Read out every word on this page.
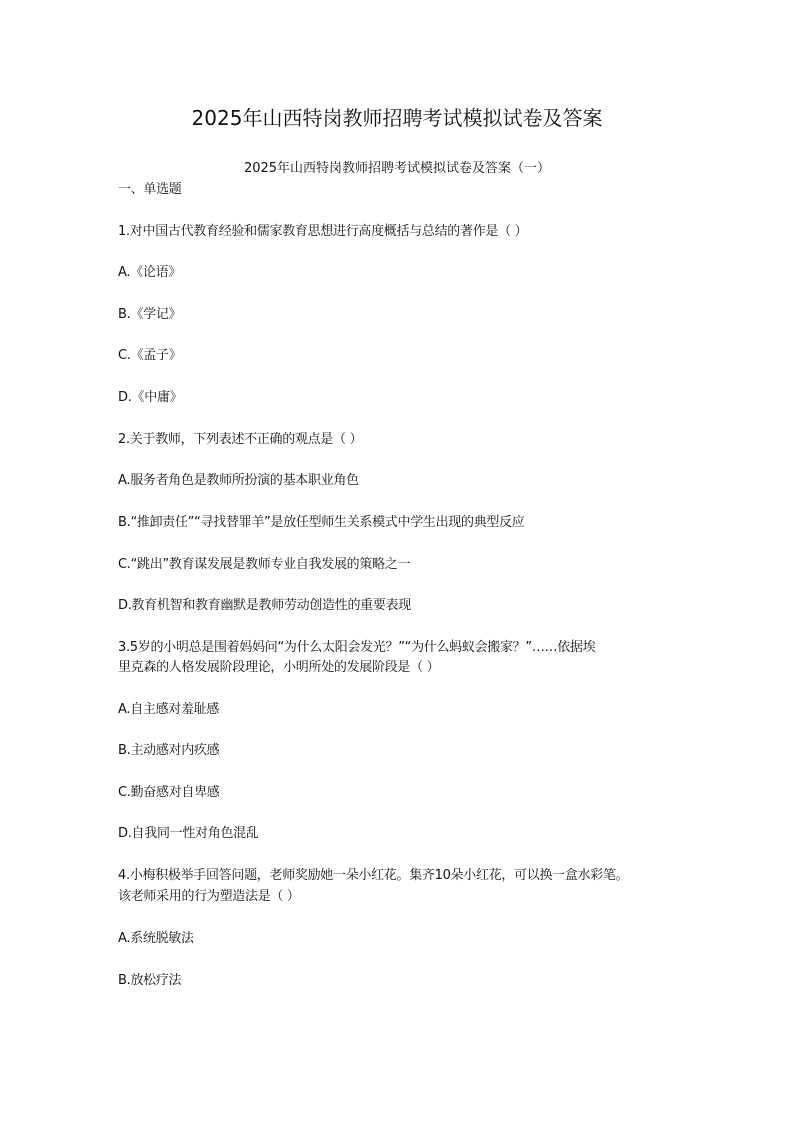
2025年山西特岗教师招聘考试模拟试卷及答案
2025年山西特岗教师招聘考试模拟试卷及答案（一）
一、单选题
1.对中国古代教育经验和儒家教育思想进行高度概括与总结的著作是（ ）
A.《论语》
B.《学记》
C.《孟子》
D.《中庸》
2.关于教师，下列表述不正确的观点是（ ）
A.服务者角色是教师所扮演的基本职业角色
B.“推卸责任”“寻找替罪羊”是放任型师生关系模式中学生出现的典型反应
C.“跳出”教育谋发展是教师专业自我发展的策略之一
D.教育机智和教育幽默是教师劳动创造性的重要表现
3.5岁的小明总是围着妈妈问“为什么太阳会发光？”“为什么蚂蚁会搬家？”……依据埃
里克森的人格发展阶段理论，小明所处的发展阶段是（ ）
A.自主感对羞耻感
B.主动感对内疚感
C.勤奋感对自卑感
D.自我同一性对角色混乱
4.小梅积极举手回答问题，老师奖励她一朵小红花。集齐10朵小红花，可以换一盒水彩笔。
该老师采用的行为塑造法是（ ）
A.系统脱敏法
B.放松疗法
